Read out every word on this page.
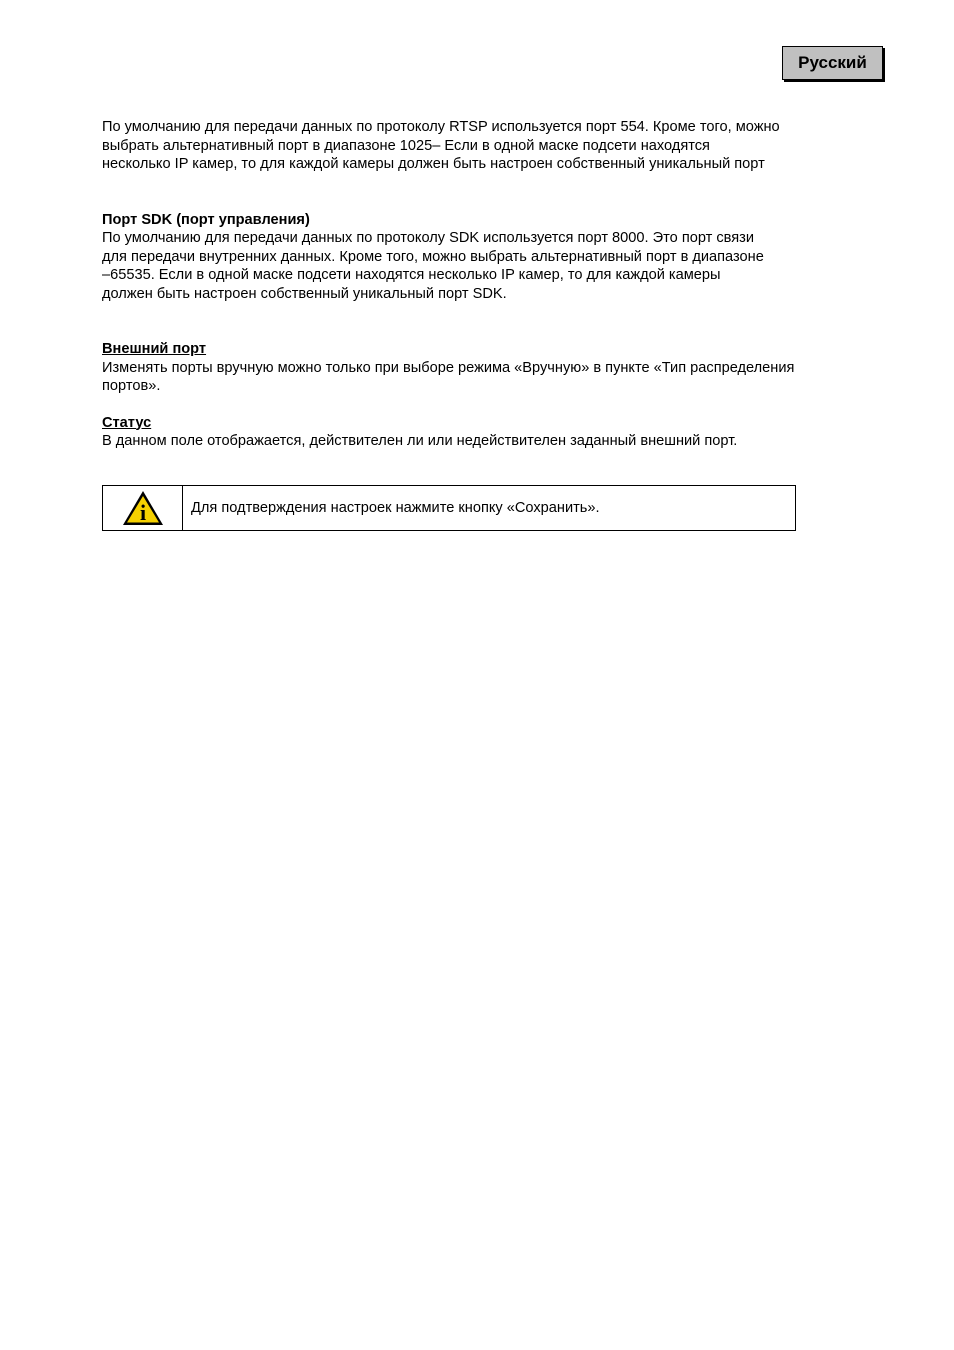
Русский

По умолчанию для передачи данных по протоколу RTSP используется порт 554. Кроме того, можно
выбрать альтернативный порт в диапазоне 1025– Если в одной маске подсети находятся
несколько IP камер, то для каждой камеры должен быть настроен собственный уникальный порт

Порт SDK (порт управления)

По умолчанию для передачи данных по протоколу SDK используется порт 8000. Это порт связи
для передачи внутренних данных. Кроме того, можно выбрать альтернативный порт в диапазоне
–65535. Если в одной маске подсети находятся несколько IP камер, то для каждой камеры
должен быть настроен собственный уникальный порт SDK.

Внешний порт

Изменять порты вручную можно только при выборе режима «Вручную» в пункте «Тип распределения
портов».

Статус

В данном поле отображается, действителен ли или недействителен заданный внешний порт.

i	Для подтверждения настроек нажмите кнопку «Сохранить».
